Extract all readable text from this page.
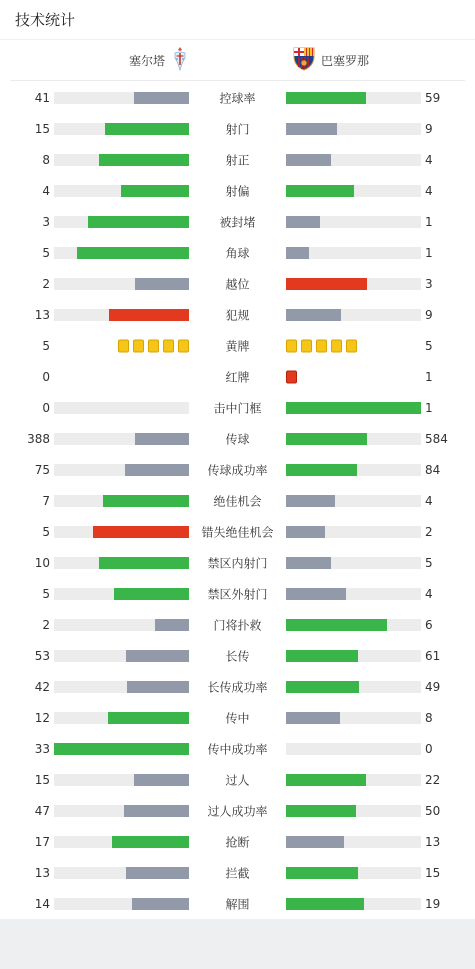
技术统计
塞尔塔	巴塞罗那
41	控球率	59
15	射门	9
8	射正	4
4	射偏	4
3	被封堵	1
5	角球	1
2	越位	3
13	犯规	9
5	黄牌	5
0	红牌	1
0	击中门框	1
388	传球	584
75	传球成功率	84
7	绝佳机会	4
5	错失绝佳机会	2
10	禁区内射门	5
5	禁区外射门	4
2	门将扑救	6
53	长传	61
42	长传成功率	49
12	传中	8
33	传中成功率	0
15	过人	22
47	过人成功率	50
17	抢断	13
13	拦截	15
14	解围	19
